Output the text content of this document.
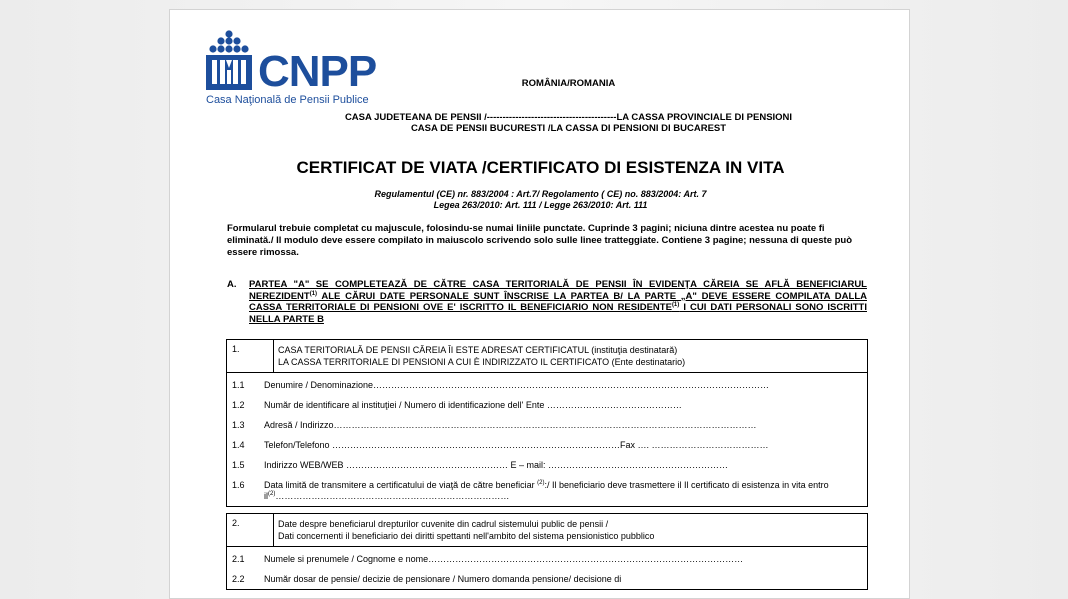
CNPP
Casa Naţională de Pensii Publice
ROMÂNIA/ROMANIA
CASA JUDETEANA DE PENSII /-----------------------------------------LA CASSA PROVINCIALE DI PENSIONI
CASA DE PENSII BUCURESTI /LA CASSA DI PENSIONI DI BUCAREST
CERTIFICAT DE VIATA /CERTIFICATO DI ESISTENZA IN VITA
Regulamentul (CE) nr. 883/2004 : Art.7/ Regolamento ( CE) no. 883/2004: Art. 7
Legea 263/2010: Art. 111 / Legge 263/2010: Art. 111
Formularul trebuie completat cu majuscule, folosindu-se numai liniile punctate. Cuprinde 3 pagini; niciuna dintre acestea nu poate fi eliminată./ Il modulo deve essere compilato in maiuscolo scrivendo solo sulle linee tratteggiate. Contiene 3 pagine; nessuna di queste può essere rimossa.
A.	PARTEA "A" SE COMPLETEAZĂ DE CĂTRE CASA TERITORIALĂ DE PENSII ÎN EVIDENŢA CĂREIA SE AFLĂ BENEFICIARUL NEREZIDENT$^{(1)}$ ALE CĂRUI DATE PERSONALE SUNT ÎNSCRISE LA PARTEA B/ LA PARTE „A" DEVE ESSERE COMPILATA DALLA CASSA TERRITORIALE DI PENSIONI OVE E' ISCRITTO IL BENEFICIARIO NON RESIDENTE$^{(1)}$ I CUI DATI PERSONALI SONO ISCRITTI NELLA PARTE B
1.	CASA TERITORIALĂ DE PENSII CĂREIA ÎI ESTE ADRESAT CERTIFICATUL (instituţia destinatară)
LA CASSA TERRITORIALE DI PENSIONI A CUI È INDIRIZZATO IL CERTIFICATO (Ente destinatario)

1.1	Denumire / Denominazione……………………………………………………………………………………………………………………
1.2	Număr de identificare al instituţiei / Numero di identificazione dell' Ente ………………………………………
1.3	Adresă / Indirizzo……………………………………………………………………………………………………………………………
1.4	Telefon/Telefono ……………………………………………………………………………………Fax …. …………………………………
1.5	Indirizzo WEB/WEB ……………………………………………… E – mail: ……………………………………………………
1.6	Data limită de transmitere a certificatului de viaţă de către beneficiar $^{(2)}$:/ Il beneficiario deve trasmettere il Il certificato di esistenza in vita entro $il^{(2)}\dots\dots\dots\dots\dots\dots\dots\dots\dots\dots\dots\dots\dots\dots\dots\dots\dots\dots\dots\dots\dots\dots\dots\dots\dots\dots$
2.	Date despre beneficiarul drepturilor cuvenite din cadrul sistemului public de pensii /
Dati concernenti il beneficiario dei diritti spettanti nell'ambito del sistema pensionistico pubblico

2.1	Numele si prenumele / Cognome e nome……………………………………………………………………………………………
2.2	Număr dosar de pensie/ decizie de pensionare / Numero domanda pensione/ decisione di
